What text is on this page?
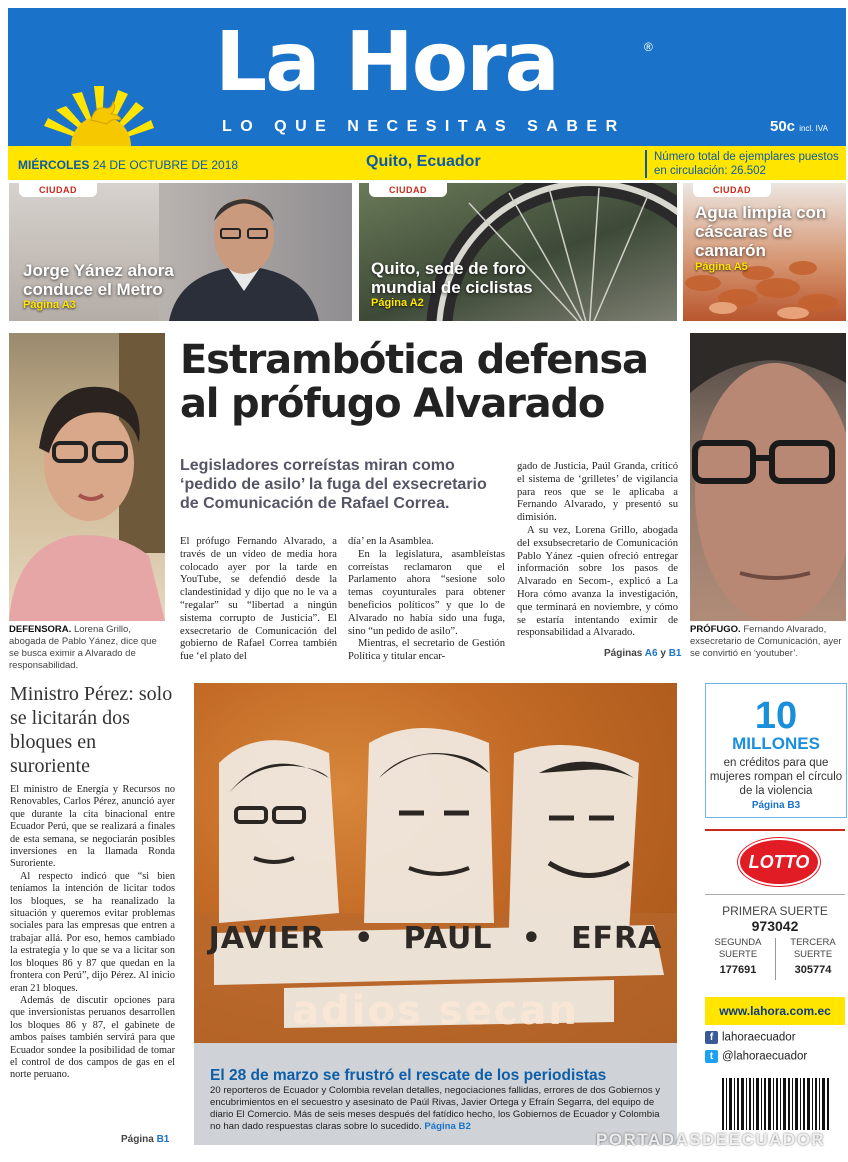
La Hora	®
LO QUE NECESITAS SABER	50c incl. IVA
MIÉRCOLES 24 DE OCTUBRE DE 2018	Quito, Ecuador	Número total de ejemplares puestos en circulación: 26.502
CIUDAD
Jorge Yánez ahora conduce el Metro
Página A3
CIUDAD
Quito, sede de foro mundial de ciclistas
Página A2
CIUDAD
Agua limpia con cáscaras de camarón
Página A5
DEFENSORA. Lorena Grillo, abogada de Pablo Yánez, dice que se busca eximir a Alvarado de responsabilidad.
PRÓFUGO. Fernando Alvarado, exsecretario de Comunicación, ayer se convirtió en ‘youtuber’.
Estrambótica defensa al prófugo Alvarado
Legisladores correístas miran como ‘pedido de asilo’ la fuga del exsecretario de Comunicación de Rafael Correa.

El prófugo Fernando Alvarado, a través de un video de media hora colocado ayer por la tarde en YouTube, se defendió desde la clandestinidad y dijo que no le va a “regalar” su “libertad a ningún sistema corrupto de Justicia”. El exsecretario de Comunicación del gobierno de Rafael Correa también fue ‘el plato del

día’ en la Asamblea.

En la legislatura, asambleístas correístas reclamaron que el Parlamento ahora “sesione solo temas coyunturales para obtener beneficios políticos” y que lo de Alvarado no había sido una fuga, sino “un pedido de asilo”.

Mientras, el secretario de Gestión Política y titular encar-

gado de Justicia, Paúl Granda, criticó el sistema de ‘grilletes’ de vigilancia para reos que se le aplicaba a Fernando Alvarado, y presentó su dimisión.

A su vez, Lorena Grillo, abogada del exsubsecretario de Comunicación Pablo Yánez -quien ofreció entregar información sobre los pasos de Alvarado en Secom-, explicó a La Hora cómo avanza la investigación, que terminará en noviembre, y cómo se estaría intentando eximir de responsabilidad a Alvarado.

Páginas A6 y B1
Ministro Pérez: solo se licitarán dos bloques en suroriente

El ministro de Energía y Recursos no Renovables, Carlos Pérez, anunció ayer que durante la cita binacional entre Ecuador Perú, que se realizará a finales de esta semana, se negociarán posibles inversiones en la llamada Ronda Suroriente.

Al respecto indicó que “si bien teníamos la intención de licitar todos los bloques, se ha reanalizado la situación y queremos evitar problemas sociales para las empresas que entren a trabajar allá. Por eso, hemos cambiado la estrategia y lo que se va a licitar son los bloques 86 y 87 que quedan en la frontera con Perú”, dijo Pérez. Al inicio eran 21 bloques.

Además de discutir opciones para que inversionistas peruanos desarrollen los bloques 86 y 87, el gabinete de ambos países también servirá para que Ecuador sondee la posibilidad de tomar el control de dos campos de gas en el norte peruano.

Página B1
JAVIER • PAUL • EFRA
adios secan
El 28 de marzo se frustró el rescate de los periodistas
20 reporteros de Ecuador y Colombia revelan detalles, negociaciones fallidas, errores de dos Gobiernos y encubrimientos en el secuestro y asesinato de Paúl Rivas, Javier Ortega y Efraín Segarra, del equipo de diario El Comercio. Más de seis meses después del fatídico hecho, los Gobiernos de Ecuador y Colombia no han dado respuestas claras sobre lo sucedido. Página B2
10
MILLONES
en créditos para que mujeres rompan el círculo de la violencia
Página B3
LOTTO
PRIMERA SUERTE
973042
SEGUNDA SUERTE
177691
TERCERA SUERTE
305774
www.lahora.com.ec
f lahoraecuador
t @lahoraecuador
PORTADASDEECUADOR
